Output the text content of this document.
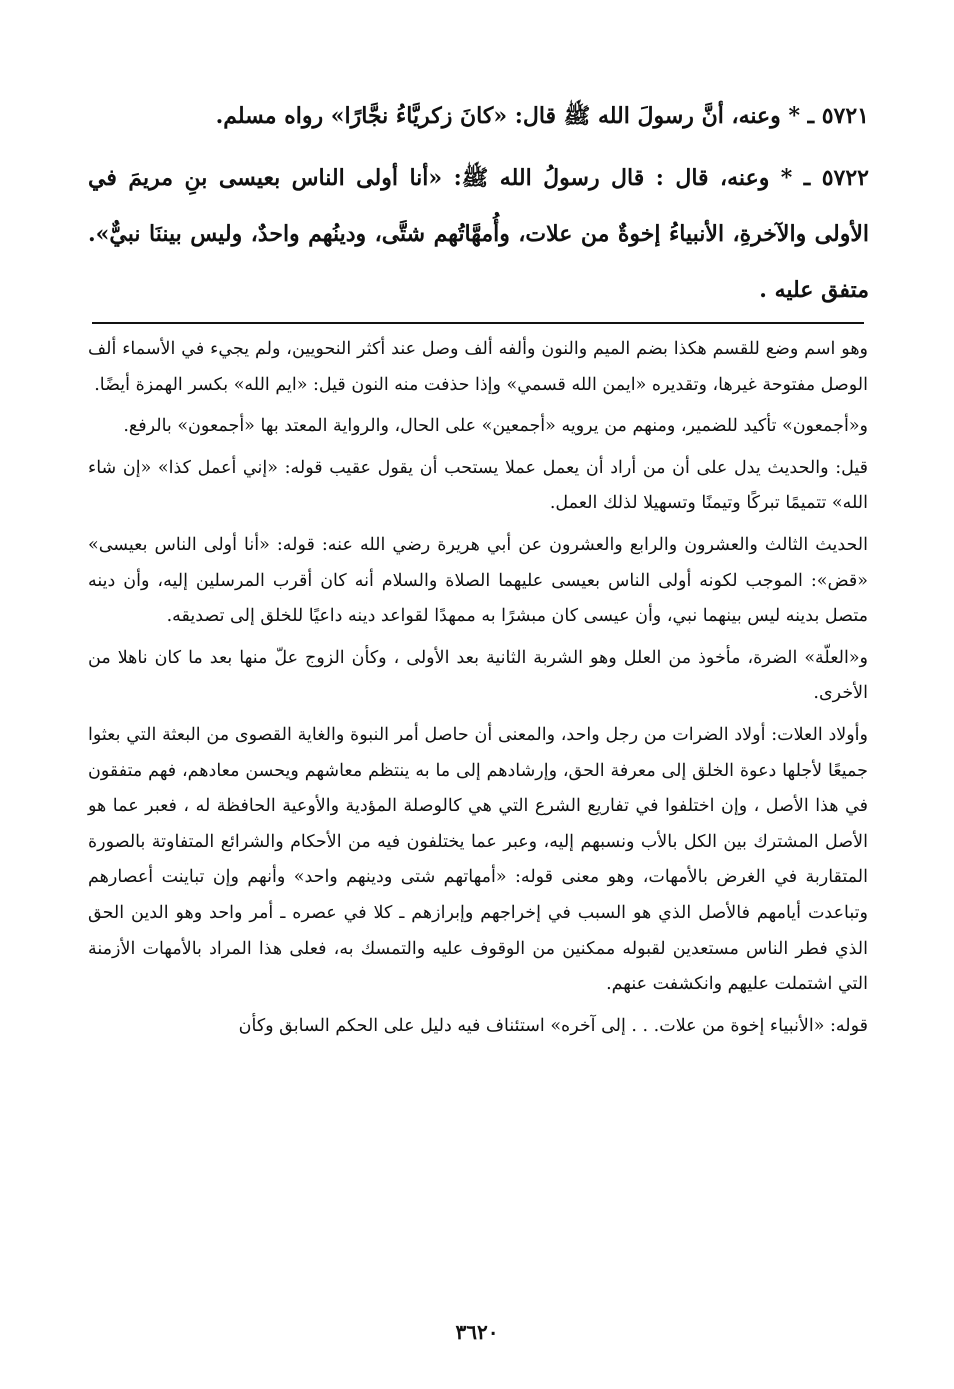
٥٧٢١ ـ * وعنه، أنَّ رسولَ الله ﷺ قال: «كانَ زكريَّاءُ نجَّارًا» رواه مسلم.

٥٧٢٢ ـ * وعنه، قال : قال رسولُ الله ﷺ: «أنا أولى الناس بعيسى بنِ مريمَ في الأولى والآخرةِ، الأنبياءُ إخوةٌ من علات، وأُمهَّاتُهم شتَّى، ودينُهم واحدٌ، وليس بيننَا نبيٌّ». متفق عليه .

وهو اسم وضع للقسم هكذا بضم الميم والنون وألفه ألف وصل عند أكثر النحويين، ولم يجيء في الأسماء ألف الوصل مفتوحة غيرها، وتقديره «ايمن الله قسمي» وإذا حذفت منه النون قيل: «ايم الله» بكسر الهمزة أيضًا.

و«أجمعون» تأكيد للضمير، ومنهم من يرويه «أجمعين» على الحال، والرواية المعتد بها «أجمعون» بالرفع.

قيل: والحديث يدل على أن من أراد أن يعمل عملا يستحب أن يقول عقيب قوله: «إني أعمل كذا» «إن شاء الله» تتميمًا تبركًا وتيمنًا وتسهيلا لذلك العمل.

الحديث الثالث والعشرون والرابع والعشرون عن أبي هريرة رضي الله عنه: قوله: «أنا أولى الناس بعيسى» «قض»: الموجب لكونه أولى الناس بعيسى عليهما الصلاة والسلام أنه كان أقرب المرسلين إليه، وأن دينه متصل بدينه ليس بينهما نبي، وأن عيسى كان مبشرًا به ممهدًا لقواعد دينه داعيًا للخلق إلى تصديقه.

و«العلّة» الضرة، مأخوذ من العلل وهو الشربة الثانية بعد الأولى ، وكأن الزوج علّ منها بعد ما كان ناهلا من الأخرى.

وأولاد العلات: أولاد الضرات من رجل واحد، والمعنى أن حاصل أمر النبوة والغاية القصوى من البعثة التي بعثوا جميعًا لأجلها دعوة الخلق إلى معرفة الحق، وإرشادهم إلى ما به ينتظم معاشهم ويحسن معادهم، فهم متفقون في هذا الأصل ، وإن اختلفوا في تفاريع الشرع التي هي كالوصلة المؤدية والأوعية الحافظة له ، فعبر عما هو الأصل المشترك بين الكل بالأب ونسبهم إليه، وعبر عما يختلفون فيه من الأحكام والشرائع المتفاوتة بالصورة المتقاربة في الغرض بالأمهات، وهو معنى قوله: «أمهاتهم شتى ودينهم واحد» وأنهم وإن تباينت أعصارهم وتباعدت أيامهم فالأصل الذي هو السبب في إخراجهم وإبرازهم ـ كلا في عصره ـ أمر واحد وهو الدين الحق الذي فطر الناس مستعدين لقبوله ممكنين من الوقوف عليه والتمسك به، فعلى هذا المراد بالأمهات الأزمنة التي اشتملت عليهم وانكشفت عنهم.

قوله: «الأنبياء إخوة من علات. . . إلى آخره» استئناف فيه دليل على الحكم السابق وكأن

٣٦٢٠
